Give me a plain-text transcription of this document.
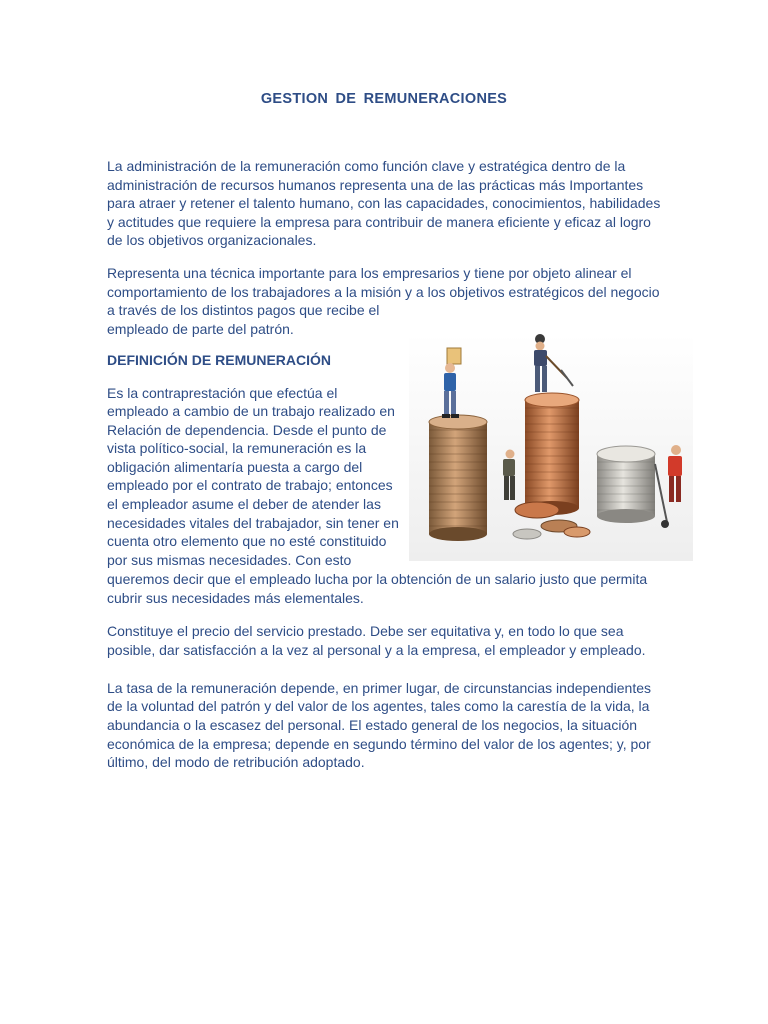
GESTION DE REMUNERACIONES
La administración de la remuneración como función clave y estratégica dentro de la
administración de recursos humanos representa una de las prácticas más Importantes
para atraer y retener el talento humano, con las capacidades, conocimientos, habilidades
y actitudes que requiere la empresa para contribuir de manera eficiente y eficaz al logro
de los objetivos organizacionales.
Representa una técnica importante para los empresarios y tiene por objeto alinear el
comportamiento de los trabajadores a la misión y a los objetivos estratégicos del negocio
a través de los distintos pagos que recibe el
empleado de parte del patrón.
DEFINICIÓN DE REMUNERACIÓN
Es la contraprestación que efectúa el
empleado a cambio de un trabajo realizado en
Relación de dependencia. Desde el punto de
vista político-social, la remuneración es la
obligación alimentaría puesta a cargo del
empleado por el contrato de trabajo; entonces
el empleador asume el deber de atender las
necesidades vitales del trabajador, sin tener en
cuenta otro elemento que no esté constituido
por sus mismas necesidades. Con esto
queremos decir que el empleado lucha por la obtención de un salario justo que permita
cubrir sus necesidades más elementales.
Constituye el precio del servicio prestado. Debe ser equitativa y, en todo lo que sea
posible, dar satisfacción a la vez al personal y a la empresa, el empleador y empleado.
La tasa de la remuneración depende, en primer lugar, de circunstancias independientes
de la voluntad del patrón y del valor de los agentes, tales como la carestía de la vida, la
abundancia o la escasez del personal. El estado general de los negocios, la situación
económica de la empresa; depende en segundo término del valor de los agentes; y, por
último, del modo de retribución adoptado.
